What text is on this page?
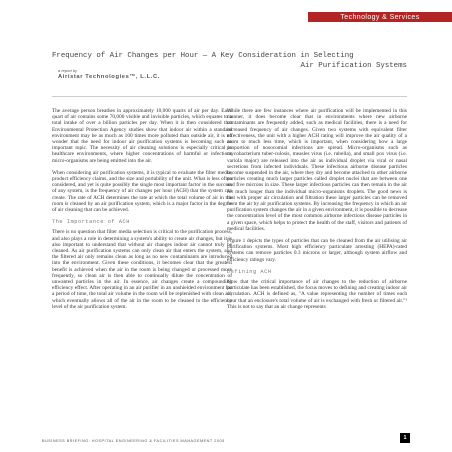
Technology & Services

Frequency of Air Changes per Hour — A Key Consideration in Selecting

Air Purification Systems

a report by
Airistar Technologies™, L.L.C.

The average person breathes in approximately 10,000 quarts of air per day. Each quart of air contains some 70,000 visible and invisible particles, which equates to a total intake of over a billion particles per day. When it is then considered that Environmental Protection Agency studies show that indoor air within a standard environment may be as much as 100 times more polluted than outside air, it is no wonder that the need for indoor air purification systems is becoming such an important topic. The necessity of air cleaning solutions is especially critical in healthcare environments, where higher concentrations of harmful or infectious micro-organisms are being emitted into the air.

When considering air purification systems, it is typical to evaluate the filter media, product efficiency claims, and the size and portability of the unit. What is less often considered, and yet is quite possibly the single most important factor in the success of any system, is the frequency of air changes per hour (ACH) that the system can create. The rate of ACH determines the rate at which the total volume of air in the room is cleaned by an air purification system, which is a major factor in the degree of air cleaning that can be achieved.

The Importance of ACH

There is no question that filter media selection is critical to the purification process, and also plays a role in determining a system's ability to create air changes, but it is also important to understand that without air changes indoor air cannot truly be cleaned. As air purification systems can only clean air that enters the system, and the filtered air only remains clean as long as no new contaminants are introduced into the environment. Given these conditions, it becomes clear that the greatest benefit is achieved when the air in the room is being changed or processed more frequently, so clean air is then able to continually dilute the concentration of unwanted particles in the air. In essence, air changes create a compounding efficiency effect. After operating in an air purifier in an unshielded environment for a period of time, the total air volume in the room will be replenished with clean air, which eventually allows all of the air in the room to be cleaned to the efficiency level of the air purification system.

While there are few instances where air purification will be implemented in this manner, it does become clear that in environments where new airborne contaminants are frequently added, such as medical facilities, there is a need for increased frequency of air changes. Given two systems with equivalent filter effectiveness, the unit with a higher ACH rating will improve the air quality of a room to much less time, which is important, when considering how a large proportion of nosocomial infections are spread. Micro-organisms such as mycobacterium tuber-culosis, measles virus (i.e. rubella), and small pox virus (i.e. variola major) are released into the air as individual droplet via viral or nasal secretions from infected individuals. These infectious airborne disease particles become suspended in the air, where they dry and become attached to other airborne particles creating much larger particles called droplet nuclei that are between one and five microns in size. These larger infectious particles can then remain in the air for much longer than the individual micro-organisms droplets. The good news is that with proper air circulation and filtration these larger particles can be removed from the air by air purification systems. By increasing the frequency in which an air purification system changes the air in a given environment, it is possible to decrease the concentration level of the most common airborne infectious disease particles in a given space, which helps to protect the health of the staff, visitors and patients of medical facilities.

Figure 1 depicts the types of particles that can be cleaned from the air utilising air purification systems. Most high efficiency particulate arresting (HEPA)-rated systems can remove particles 0.3 microns or larger, although system airflow and efficiency ratings vary.

Defining ACH

Now that the critical importance of air changes to the reduction of airborne particulate has been established, the focus moves to defining and creating indoor air circulation. ACH is defined as, "A value representing the number of times each hour that an enclosure's total volume of air is exchanged with fresh or filtered air."¹ This is not to say that an air change represents

BUSINESS BRIEFING: HOSPITAL ENGINEERING & FACILITIES MANAGEMENT 2005	1
